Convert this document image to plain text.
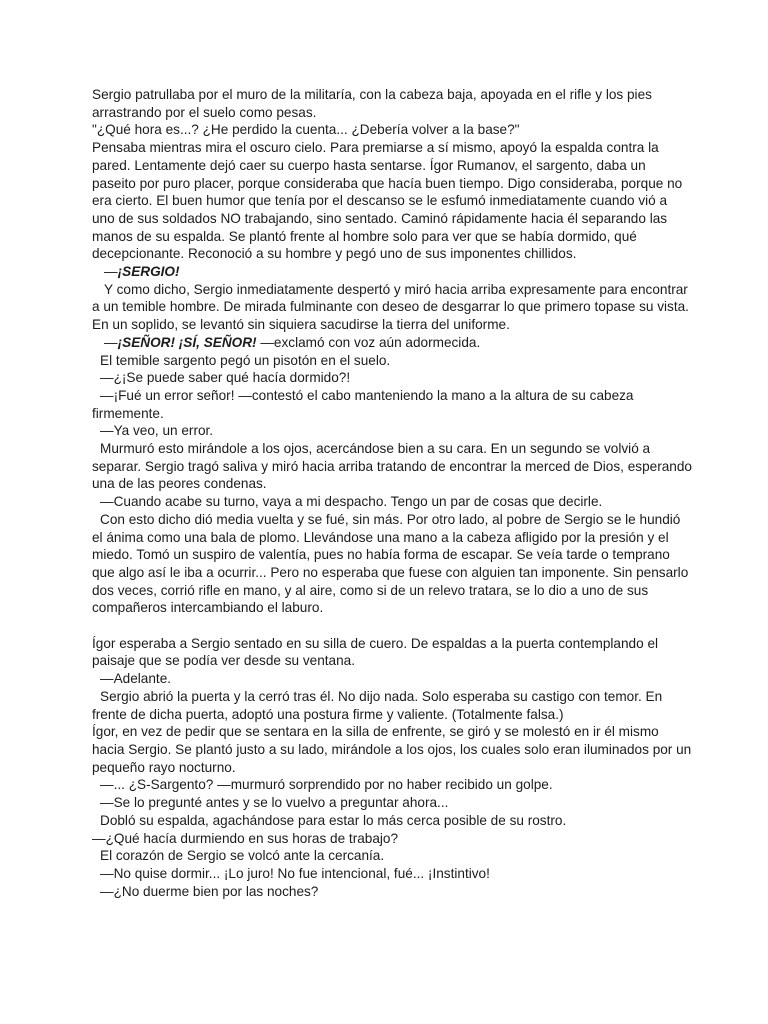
Sergio patrullaba por el muro de la militaría, con la cabeza baja, apoyada en el rifle y los pies arrastrando por el suelo como pesas.

"¿Qué hora es...? ¿He perdido la cuenta... ¿Debería volver a la base?"

Pensaba mientras mira el oscuro cielo. Para premiarse a sí mismo, apoyó la espalda contra la pared. Lentamente dejó caer su cuerpo hasta sentarse. Ígor Rumanov, el sargento, daba un paseito por puro placer, porque consideraba que hacía buen tiempo. Digo consideraba, porque no era cierto. El buen humor que tenía por el descanso se le esfumó inmediatamente cuando vió a uno de sus soldados NO trabajando, sino sentado. Caminó rápidamente hacia él separando las manos de su espalda. Se plantó frente al hombre solo para ver que se había dormido, qué decepcionante. Reconoció a su hombre y pegó uno de sus imponentes chillidos.

—¡SERGIO!

Y como dicho, Sergio inmediatamente despertó y miró hacia arriba expresamente para encontrar a un temible hombre. De mirada fulminante con deseo de desgarrar lo que primero topase su vista. En un soplido, se levantó sin siquiera sacudirse la tierra del uniforme.

—¡SEÑOR! ¡SÍ, SEÑOR! —exclamó con voz aún adormecida.

El temible sargento pegó un pisotón en el suelo.

—¿¡Se puede saber qué hacía dormido?!

—¡Fué un error señor! —contestó el cabo manteniendo la mano a la altura de su cabeza firmemente.

—Ya veo, un error.

Murmuró esto mirándole a los ojos, acercándose bien a su cara. En un segundo se volvió a separar. Sergio tragó saliva y miró hacia arriba tratando de encontrar la merced de Dios, esperando una de las peores condenas.

—Cuando acabe su turno, vaya a mi despacho. Tengo un par de cosas que decirle.

Con esto dicho dió media vuelta y se fué, sin más. Por otro lado, al pobre de Sergio se le hundió el ánima como una bala de plomo. Llevándose una mano a la cabeza afligido por la presión y el miedo. Tomó un suspiro de valentía, pues no había forma de escapar. Se veía tarde o temprano que algo así le iba a ocurrir... Pero no esperaba que fuese con alguien tan imponente. Sin pensarlo dos veces, corrió rifle en mano, y al aire, como si de un relevo tratara, se lo dio a uno de sus compañeros intercambiando el laburo.

Ígor esperaba a Sergio sentado en su silla de cuero. De espaldas a la puerta contemplando el paisaje que se podía ver desde su ventana.

—Adelante.

Sergio abrió la puerta y la cerró tras él. No dijo nada. Solo esperaba su castigo con temor. En frente de dicha puerta, adoptó una postura firme y valiente. (Totalmente falsa.)

Ígor, en vez de pedir que se sentara en la silla de enfrente, se giró y se molestó en ir él mismo hacia Sergio. Se plantó justo a su lado, mirándole a los ojos, los cuales solo eran iluminados por un pequeño rayo nocturno.

—... ¿S-Sargento? —murmuró sorprendido por no haber recibido un golpe.

—Se lo pregunté antes y se lo vuelvo a preguntar ahora...

Dobló su espalda, agachándose para estar lo más cerca posible de su rostro.

—¿Qué hacía durmiendo en sus horas de trabajo?

El corazón de Sergio se volcó ante la cercanía.

—No quise dormir... ¡Lo juro! No fue intencional, fué... ¡Instintivo!

—¿No duerme bien por las noches?
